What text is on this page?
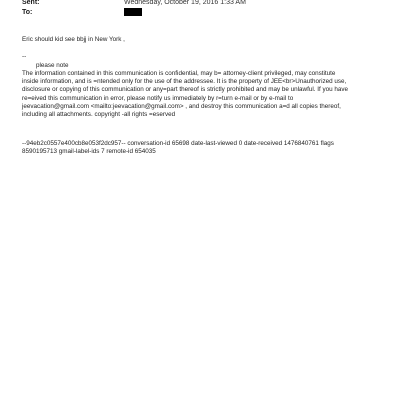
Sent:	Wednesday, October 19, 2016 1:33 AM
To:
Eric should kid see bbjj in New York ,
--
please note
The information contained in this communication is confidential, may b= attorney-client privileged, may constitute
inside information, and is =ntended only for the use of the addressee. It is the property of JEE<br>Unauthorized use,
disclosure or copying of this communication or any=part thereof is strictly prohibited and may be unlawful. If you have
re=eived this communication in error, please notify us immediately by r=turn e-mail or by e-mail to
jeevacation@gmail.com <mailto:jeevacation@gmail.com> , and destroy this communication a=d all copies thereof,
including all attachments. copyright -all rights =eserved
--94eb2c0557e400cb8e053f2dc957-- conversation-id 65698 date-last-viewed 0 date-received 1476840761 flags
8590195713 gmail-label-ids 7 remote-id 654035
